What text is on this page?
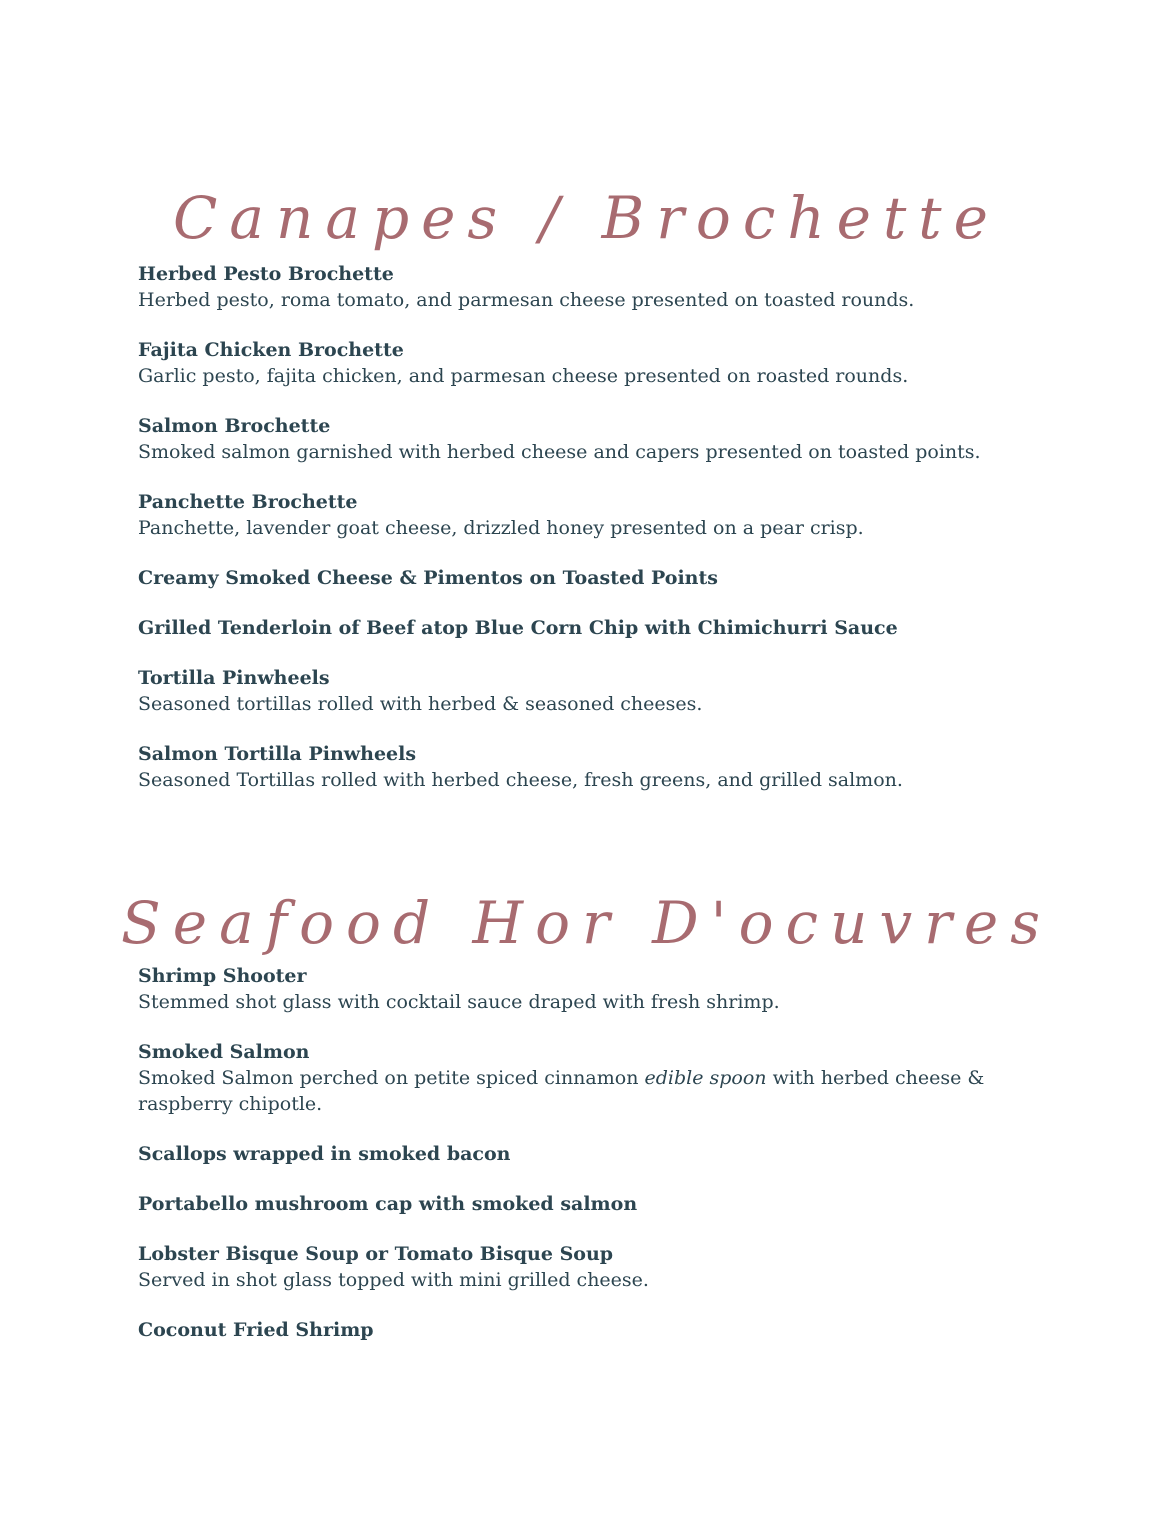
Canapes / Brochette
Herbed Pesto Brochette
Herbed pesto, roma tomato, and parmesan cheese presented on toasted rounds.
Fajita Chicken Brochette
Garlic pesto, fajita chicken, and parmesan cheese presented on roasted rounds.
Salmon Brochette
Smoked salmon garnished with herbed cheese and capers presented on toasted points.
Panchette Brochette
Panchette, lavender goat cheese, drizzled honey presented on a pear crisp.
Creamy Smoked Cheese & Pimentos on Toasted Points
Grilled Tenderloin of Beef atop Blue Corn Chip with Chimichurri Sauce
Tortilla Pinwheels
Seasoned tortillas rolled with herbed & seasoned cheeses.
Salmon Tortilla Pinwheels
Seasoned Tortillas rolled with herbed cheese, fresh greens, and grilled salmon.
Seafood Hor D'ocuvres
Shrimp Shooter
Stemmed shot glass with cocktail sauce draped with fresh shrimp.
Smoked Salmon
Smoked Salmon perched on petite spiced cinnamon edible spoon with herbed cheese & raspberry chipotle.
Scallops wrapped in smoked bacon
Portabello mushroom cap with smoked salmon
Lobster Bisque Soup or Tomato Bisque Soup
Served in shot glass topped with mini grilled cheese.
Coconut Fried Shrimp
